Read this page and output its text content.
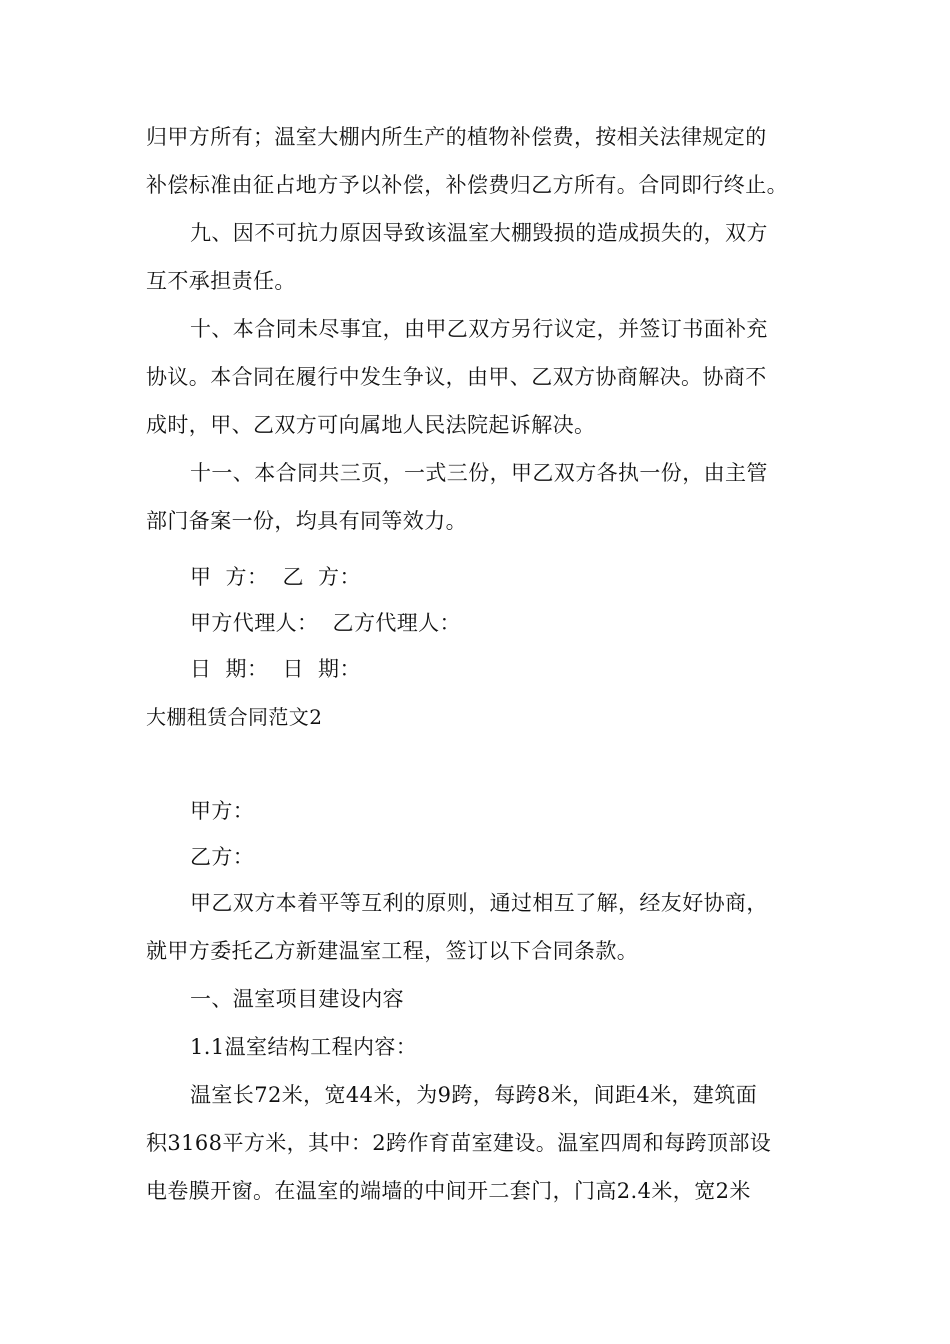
归甲方所有；温室大棚内所生产的植物补偿费，按相关法律规定的
补偿标准由征占地方予以补偿，补偿费归乙方所有。合同即行终止。
九、因不可抗力原因导致该温室大棚毁损的造成损失的，双方
互不承担责任。
十、本合同未尽事宜，由甲乙双方另行议定，并签订书面补充
协议。本合同在履行中发生争议，由甲、乙双方协商解决。协商不
成时，甲、乙双方可向属地人民法院起诉解决。
十一、本合同共三页，一式三份，甲乙双方各执一份，由主管
部门备案一份，均具有同等效力。
甲  方：  乙  方：
甲方代理人：  乙方代理人：
日  期：  日  期：
大棚租赁合同范文2
甲方：
乙方：
甲乙双方本着平等互利的原则，通过相互了解，经友好协商，
就甲方委托乙方新建温室工程，签订以下合同条款。
一、温室项目建设内容
1.1温室结构工程内容：
温室长72米，宽44米，为9跨，每跨8米，间距4米，建筑面
积3168平方米，其中：2跨作育苗室建设。温室四周和每跨顶部设
电卷膜开窗。在温室的端墙的中间开二套门，门高2.4米，宽2米
